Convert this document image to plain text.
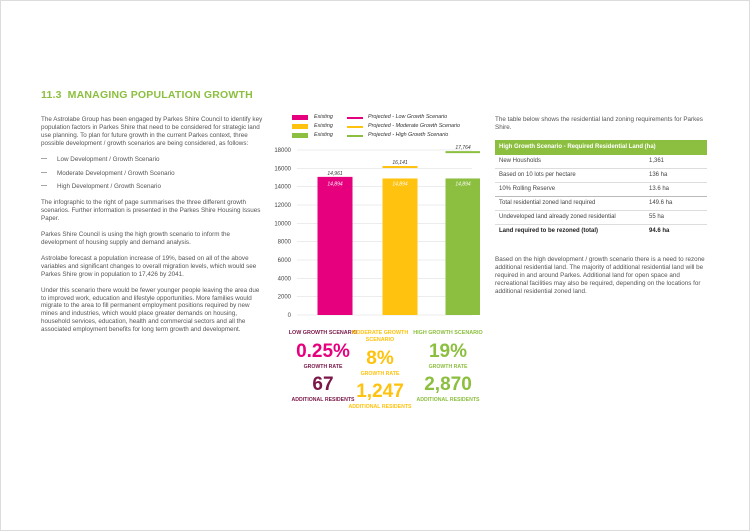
11.3 MANAGING POPULATION GROWTH

The Astrolabe Group has been engaged by Parkes Shire Council to identify key population factors in Parkes Shire that need to be considered for strategic land use planning. To plan for future growth in the current Parkes context, three possible development / growth scenarios are being considered, as follows:

— Low Development / Growth Scenario
— Moderate Development / Growth Scenario
— High Development / Growth Scenario

The infographic to the right of page summarises the three different growth scenarios. Further information is presented in the Parkes Shire Housing Issues Paper.

Parkes Shire Council is using the high growth scenario to inform the development of housing supply and demand analysis.

Astrolabe forecast a population increase of 19%, based on all of the above variables and significant changes to overall migration levels, which would see Parkes Shire grow in population to 17,426 by 2041.

Under this scenario there would be fewer younger people leaving the area due to improved work, education and lifestyle opportunities. More families would migrate to the area to fill permanent employment positions required by new mines and industries, which would place greater demands on housing, household services, education, health and commercial sectors and all the associated employment benefits for long term growth and development.

Existing	Projected - Low Growth Scenario
Existing	Projected - Moderate Growth Scenario
Existing	Projected - High Growth Scenario
0
2000
4000
6000
8000
10000
12000
14000
16000
18000
14,961
14,894
16,141
14,894
17,764
14,894
LOW GROWTH SCENARIO
0.25%
GROWTH RATE
67
ADDITIONAL RESIDENTS
MODERATE GROWTH SCENARIO
8%
GROWTH RATE
1,247
ADDITIONAL RESIDENTS
HIGH GROWTH SCENARIO
19%
GROWTH RATE
2,870
ADDITIONAL RESIDENTS

The table below shows the residential land zoning requirements for Parkes Shire.

High Growth Scenario - Required Residential Land (ha)
New Housholds	1,361
Based on 10 lots per hectare	136 ha
10% Rolling Reserve	13.6 ha
Total residential zoned land required	149.6 ha
Undeveloped land already zoned residential	55 ha
Land required to be rezoned (total)	94.6 ha

Based on the high development / growth scenario there is a need to rezone additional residential land. The majority of additional residential land will be required in and around Parkes. Additional land for open space and recreational facilities may also be required, depending on the locations for additional residential zoned land.
